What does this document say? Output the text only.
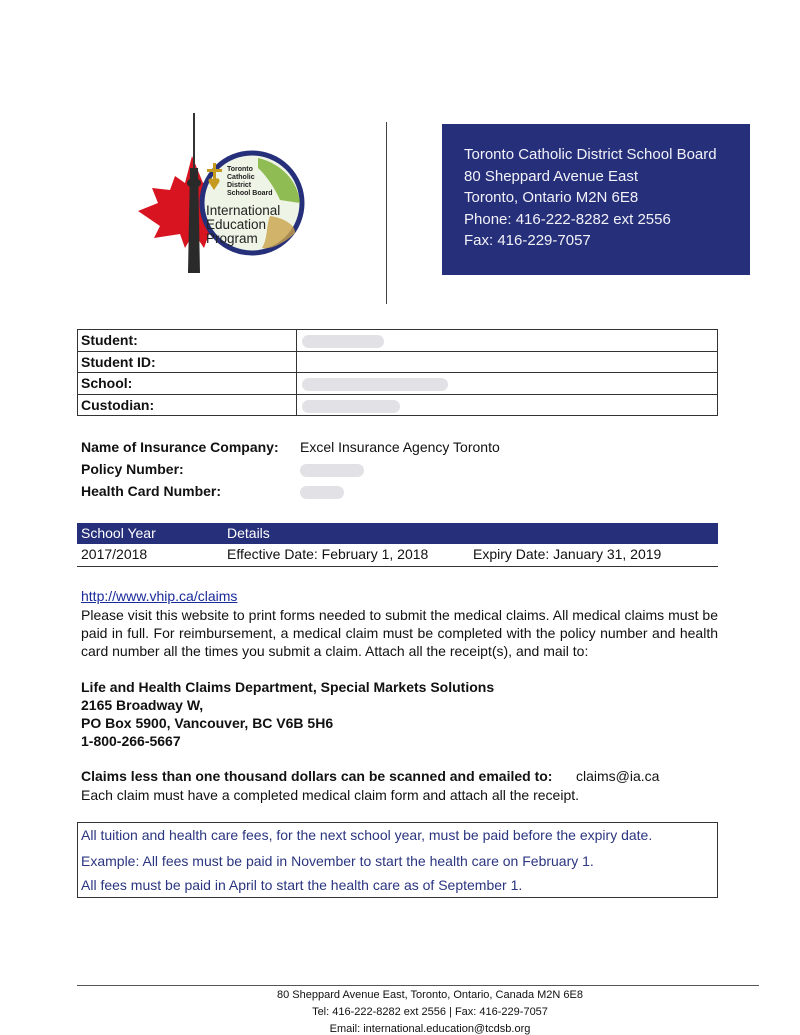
Toronto
Catholic
District
School Board
International
Education
Program
Toronto Catholic District School Board
80 Sheppard Avenue East
Toronto, Ontario M2N 6E8
Phone: 416-222-8282 ext 2556
Fax: 416-229-7057
Student:	
Student ID:	
School:	
Custodian:	
Name of Insurance Company: Excel Insurance Agency Toronto
Policy Number:
Health Card Number:
School Year	Details
2017/2018	Effective Date: February 1, 2018	Expiry Date: January 31, 2019
http://www.vhip.ca/claims
Please visit this website to print forms needed to submit the medical claims. All medical claims must be paid in full. For reimbursement, a medical claim must be completed with the policy number and health card number all the times you submit a claim. Attach all the receipt(s), and mail to:
Life and Health Claims Department, Special Markets Solutions
2165 Broadway W,
PO Box 5900, Vancouver, BC V6B 5H6
1-800-266-5667
Claims less than one thousand dollars can be scanned and emailed to: claims@ia.ca
Each claim must have a completed medical claim form and attach all the receipt.
All tuition and health care fees, for the next school year, must be paid before the expiry date.
Example: All fees must be paid in November to start the health care on February 1.
All fees must be paid in April to start the health care as of September 1.
80 Sheppard Avenue East, Toronto, Ontario, Canada M2N 6E8
Tel: 416-222-8282 ext 2556 | Fax: 416-229-7057
Email: international.education@tcdsb.org
